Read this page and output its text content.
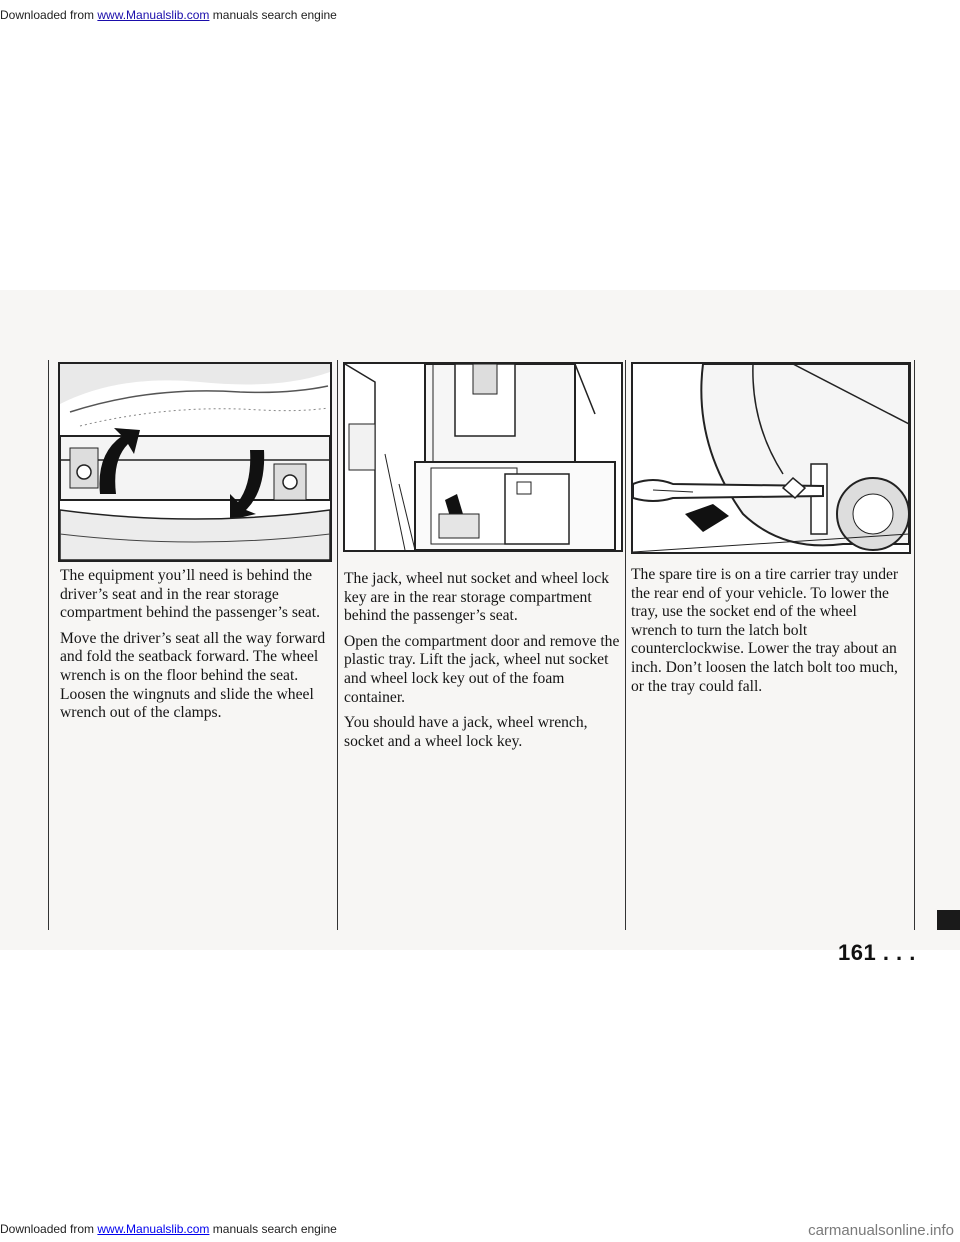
Downloaded from www.Manualslib.com manuals search engine

The equipment you’ll need is behind the driver’s seat and in the rear storage compartment behind the passenger’s seat.

Move the driver’s seat all the way forward and fold the seatback forward. The wheel wrench is on the floor behind the seat. Loosen the wingnuts and slide the wheel wrench out of the clamps.

The jack, wheel nut socket and wheel lock key are in the rear storage compartment behind the passenger’s seat.

Open the compartment door and remove the plastic tray. Lift the jack, wheel nut socket and wheel lock key out of the foam container.

You should have a jack, wheel wrench, socket and a wheel lock key.

The spare tire is on a tire carrier tray under the rear end of your vehicle. To lower the tray, use the socket end of the wheel wrench to turn the latch bolt counterclockwise. Lower the tray about an inch. Don’t loosen the latch bolt too much, or the tray could fall.

161 . . .
Downloaded from www.Manualslib.com manuals search engine	carmanualsonline.info
